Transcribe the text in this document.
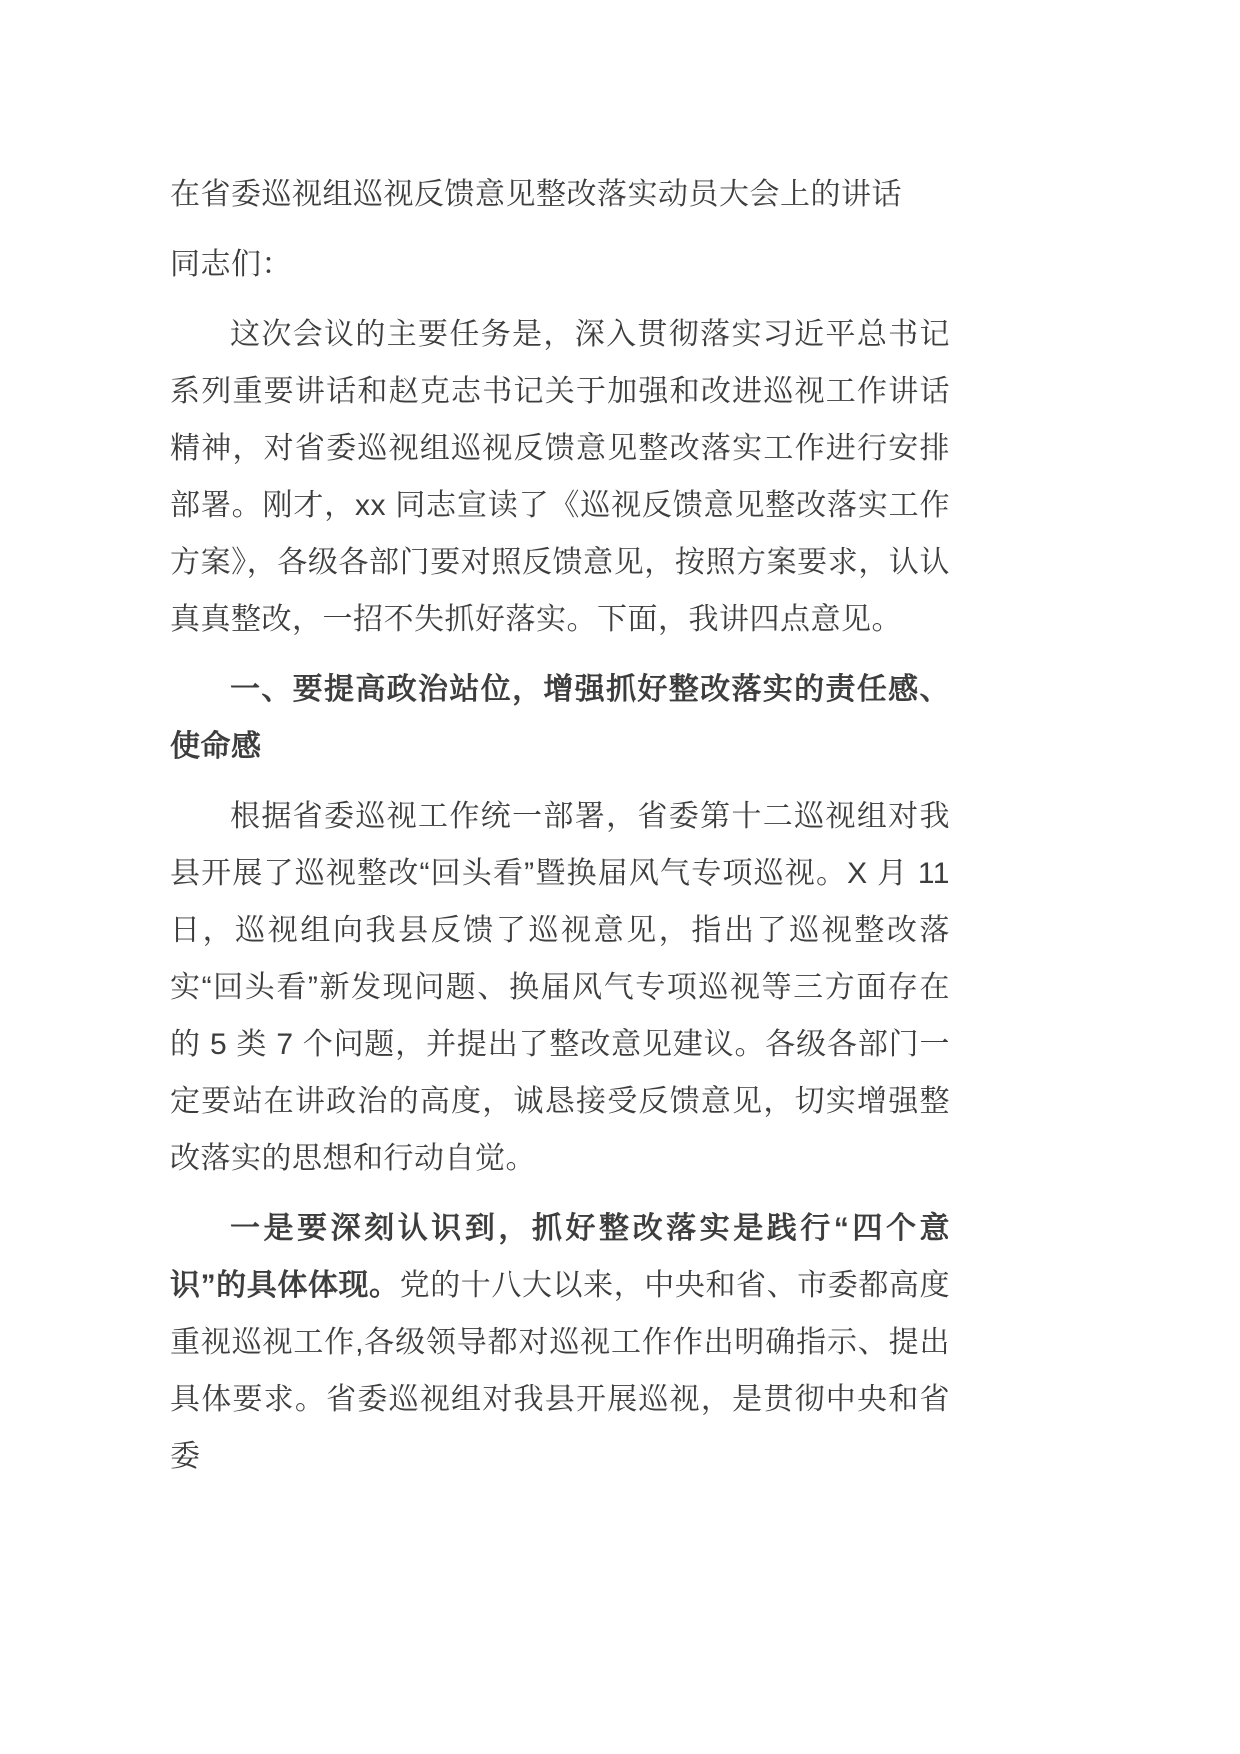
在省委巡视组巡视反馈意见整改落实动员大会上的讲话

同志们：

这次会议的主要任务是，深入贯彻落实习近平总书记系列重要讲话和赵克志书记关于加强和改进巡视工作讲话精神，对省委巡视组巡视反馈意见整改落实工作进行安排部署。刚才，xx 同志宣读了《巡视反馈意见整改落实工作方案》，各级各部门要对照反馈意见，按照方案要求，认认真真整改，一招不失抓好落实。下面，我讲四点意见。

一、要提高政治站位，增强抓好整改落实的责任感、使命感

根据省委巡视工作统一部署，省委第十二巡视组对我县开展了巡视整改“回头看”暨换届风气专项巡视。X 月 11 日，巡视组向我县反馈了巡视意见，指出了巡视整改落实“回头看”新发现问题、换届风气专项巡视等三方面存在的 5 类 7 个问题，并提出了整改意见建议。各级各部门一定要站在讲政治的高度，诚恳接受反馈意见，切实增强整改落实的思想和行动自觉。

一是要深刻认识到，抓好整改落实是践行“四个意识”的具体体现。党的十八大以来，中央和省、市委都高度重视巡视工作,各级领导都对巡视工作作出明确指示、提出具体要求。省委巡视组对我县开展巡视，是贯彻中央和省委
